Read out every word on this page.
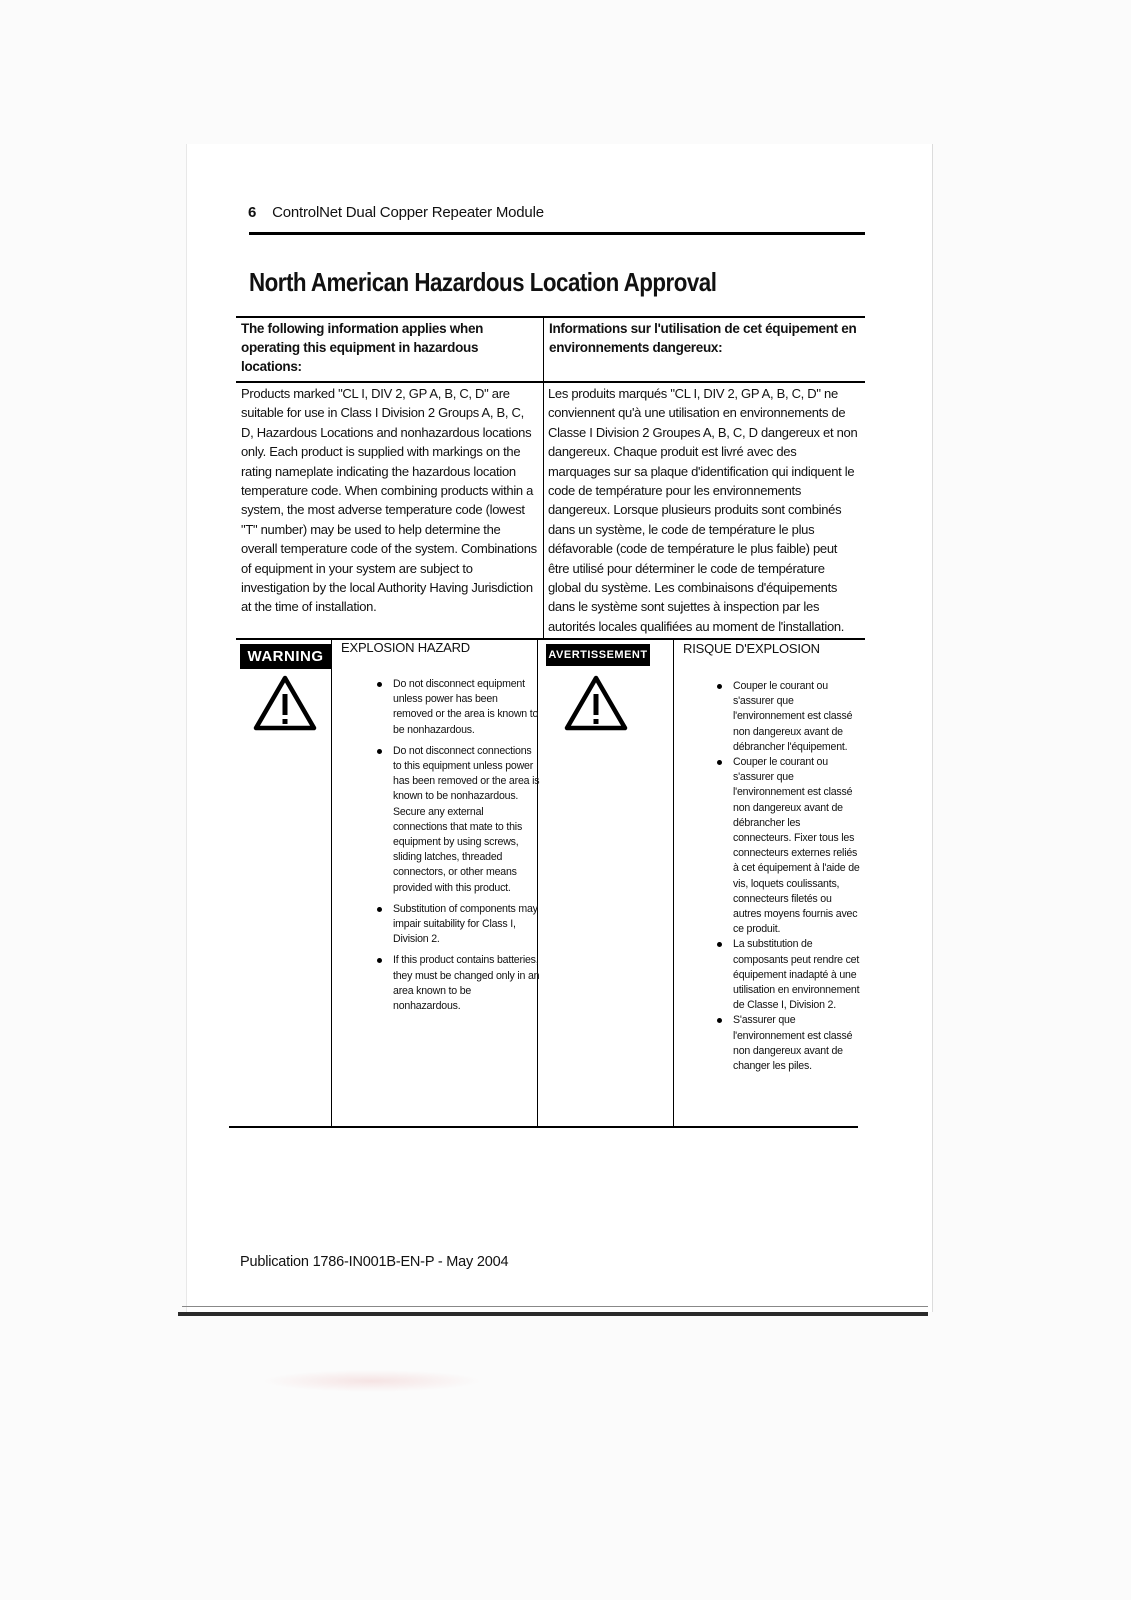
6 ControlNet Dual Copper Repeater Module
North American Hazardous Location Approval
The following information applies when operating this equipment in hazardous locations:
Informations sur l'utilisation de cet équipement en environnements dangereux:
Products marked "CL I, DIV 2, GP A, B, C, D" are suitable for use in Class I Division 2 Groups A, B, C, D, Hazardous Locations and nonhazardous locations only. Each product is supplied with markings on the rating nameplate indicating the hazardous location temperature code. When combining products within a system, the most adverse temperature code (lowest "T" number) may be used to help determine the overall temperature code of the system. Combinations of equipment in your system are subject to investigation by the local Authority Having Jurisdiction at the time of installation.
Les produits marqués "CL I, DIV 2, GP A, B, C, D" ne conviennent qu'à une utilisation en environnements de Classe I Division 2 Groupes A, B, C, D dangereux et non dangereux. Chaque produit est livré avec des marquages sur sa plaque d'identification qui indiquent le code de température pour les environnements dangereux. Lorsque plusieurs produits sont combinés dans un système, le code de température le plus défavorable (code de température le plus faible) peut être utilisé pour déterminer le code de température global du système. Les combinaisons d'équipements dans le système sont sujettes à inspection par les autorités locales qualifiées au moment de l'installation.
WARNING
EXPLOSION HAZARD
Do not disconnect equipment unless power has been removed or the area is known to be nonhazardous.
Do not disconnect connections to this equipment unless power has been removed or the area is known to be nonhazardous. Secure any external connections that mate to this equipment by using screws, sliding latches, threaded connectors, or other means provided with this product.
Substitution of components may impair suitability for Class I, Division 2.
If this product contains batteries, they must be changed only in an area known to be nonhazardous.
AVERTISSEMENT	RISQUE D'EXPLOSION
Couper le courant ou s'assurer que l'environnement est classé non dangereux avant de débrancher l'équipement.
Couper le courant ou s'assurer que l'environnement est classé non dangereux avant de débrancher les connecteurs. Fixer tous les connecteurs externes reliés à cet équipement à l'aide de vis, loquets coulissants, connecteurs filetés ou autres moyens fournis avec ce produit.
La substitution de composants peut rendre cet équipement inadapté à une utilisation en environnement de Classe I, Division 2.
S'assurer que l'environnement est classé non dangereux avant de changer les piles.
Publication 1786-IN001B-EN-P - May 2004
